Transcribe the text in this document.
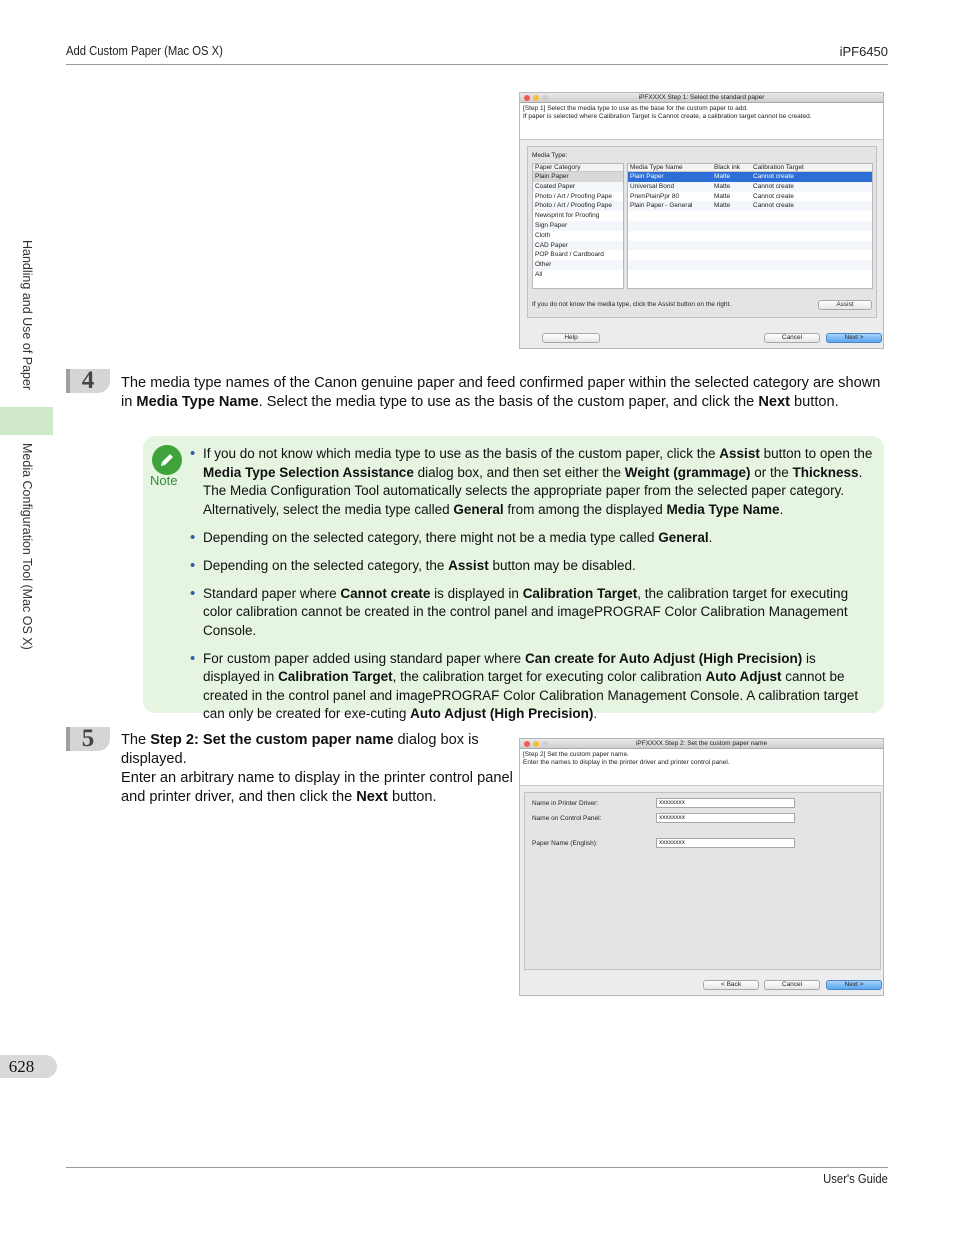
Add Custom Paper (Mac OS X)	iPF6450
User's Guide
Handling and Use of Paper
Media Configuration Tool (Mac OS X)
628
iPFXXXX Step 1: Select the standard paper
[Step 1] Select the media type to use as the base for the custom paper to add.
If paper is selected where Calibration Target is Cannot create, a calibration target cannot be created.
Media Type:
Paper Category
Plain Paper
Coated Paper
Photo / Art / Proofing Pape
Photo / Art / Proofing Pape
Newsprint for Proofing
Sign Paper
Cloth
CAD Paper
POP Board / Cardboard
Other
All
Media Type Name	Black ink	Calibration Target
Plain Paper	Matte	Cannot create
Universal Bond	Matte	Cannot create
PremPlainPpr 80	Matte	Cannot create
Plain Paper - General	Matte	Cannot create
If you do not know the media type, click the Assist button on the right.	Assist
Help	Cancel	Next >
4	The media type names of the Canon genuine paper and feed confirmed paper within the selected category are shown in Media Type Name. Select the media type to use as the basis of the custom paper, and click the Next button.
Note
• If you do not know which media type to use as the basis of the custom paper, click the Assist button to open the Media Type Selection Assistance dialog box, and then set either the Weight (grammage) or the Thickness. The Media Configuration Tool automatically selects the appropriate paper from the selected paper category. Alternatively, select the media type called General from among the displayed Media Type Name.
• Depending on the selected category, there might not be a media type called General.
• Depending on the selected category, the Assist button may be disabled.
• Standard paper where Cannot create is displayed in Calibration Target, the calibration target for executing color calibration cannot be created in the control panel and imagePROGRAF Color Calibration Management Console.
• For custom paper added using standard paper where Can create for Auto Adjust (High Precision) is displayed in Calibration Target, the calibration target for executing color calibration Auto Adjust cannot be created in the control panel and imagePROGRAF Color Calibration Management Console. A calibration target can only be created for exe-cuting Auto Adjust (High Precision).
5	The Step 2: Set the custom paper name dialog box is displayed.
Enter an arbitrary name to display in the printer control panel and printer driver, and then click the Next button.
iPFXXXX Step 2: Set the custom paper name
[Step 2] Set the custom paper name.
Enter the names to display in the printer driver and printer control panel.
Name in Printer Driver:	xxxxxxxx
Name on Control Panel:	xxxxxxxx
Paper Name (English):	xxxxxxxx
< Back	Cancel	Next >
